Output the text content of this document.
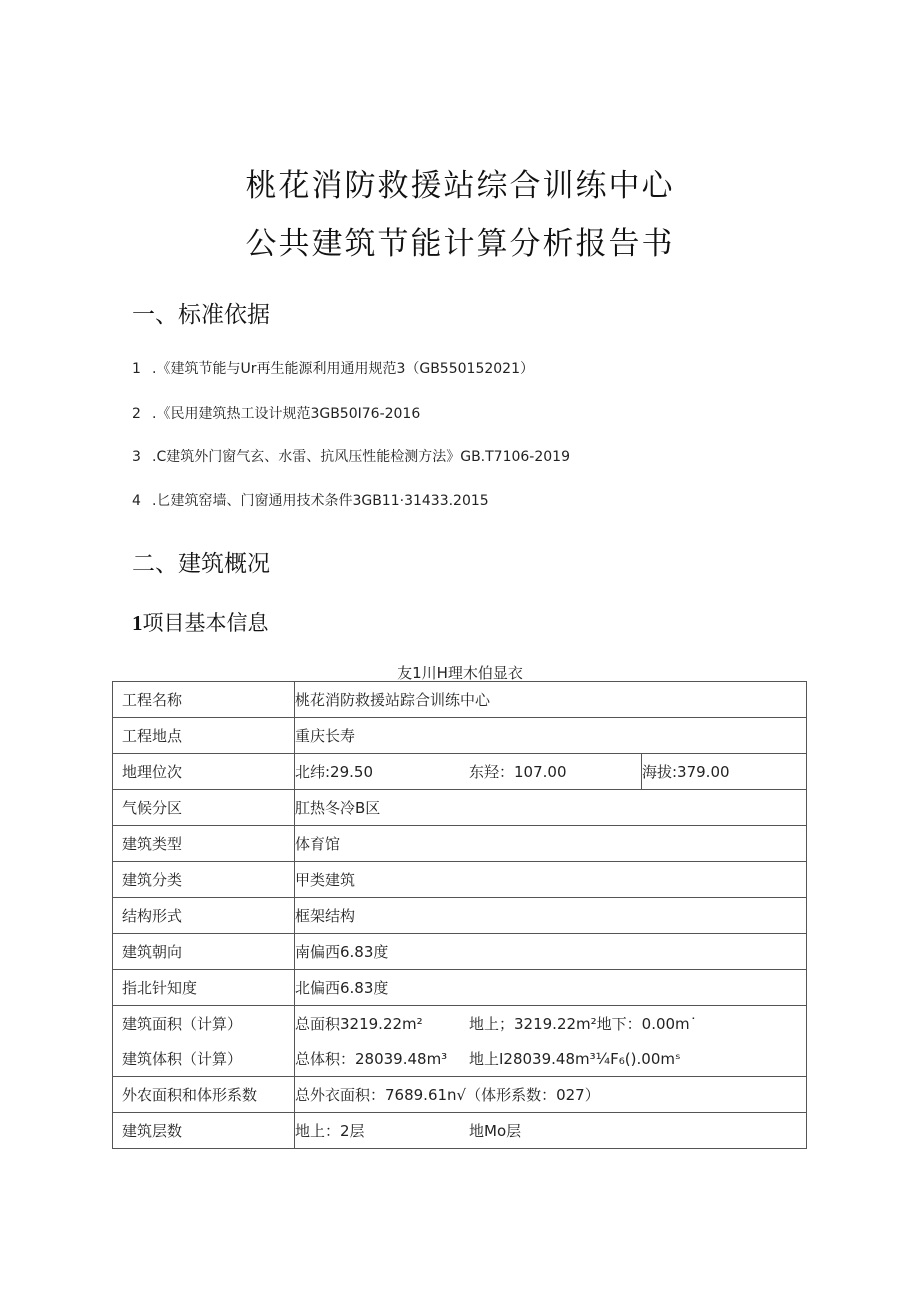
桃花消防救援站综合训练中心
公共建筑节能计算分析报告书
一、标准依据
1 .《建筑节能与Ur再生能源利用通用规范3（GB550152021）
2 .《民用建筑热工设计规范3GB50I76-2016
3 .C建筑外门窗气玄、水雷、抗风压性能检测方法》GB.T7106-2019
4 .匕建筑窑墙、门窗通用技术条件3GB11·31433.2015
二、建筑概况
1项目基本信息
友1川H理木伯显衣
工程名称	桃花消防救援站踪合训练中心
工程地点	重庆长寿
地理位次	北纬:29.50 东羟：107.00 海拔:379.00

气候分区	肛热冬冷B区
建筑类型	体育馆
建筑分类	甲类建筑
结构形式	框架结构
建筑朝向	南偏西6.83度
指北针知度	北偏西6.83度
建筑面积（计算）	总面积3219.22m² 地上；3219.22m²地下：0.00m˙

建筑体积（计算）	总体积：28039.48m³ 地上I28039.48m³¼F₆().00mˢ

外农面积和体形系数	总外衣面积：7689.61n√（体形系数：027）
建筑层数	地上：2层 地Mo层
